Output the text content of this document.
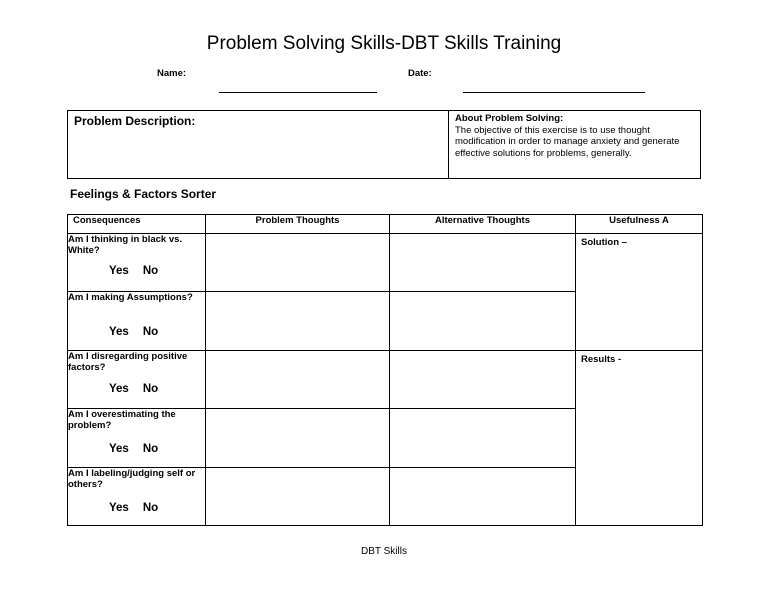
Problem Solving Skills-DBT Skills Training
Name:	Date:
Problem Description:	About Problem Solving:
The objective of this exercise is to use thought modification in order to manage anxiety and generate effective solutions for problems, generally.
Feelings & Factors Sorter
Consequences	Problem Thoughts	Alternative Thoughts	Usefulness A

Am I thinking in black vs. White?
Yes No			Solution –

Am I making Assumptions?
Yes No			

Am I disregarding positive factors?
Yes No			Results -

Am I overestimating the problem?
Yes No			

Am I labeling/judging self or others?
Yes No			

DBT Skills
